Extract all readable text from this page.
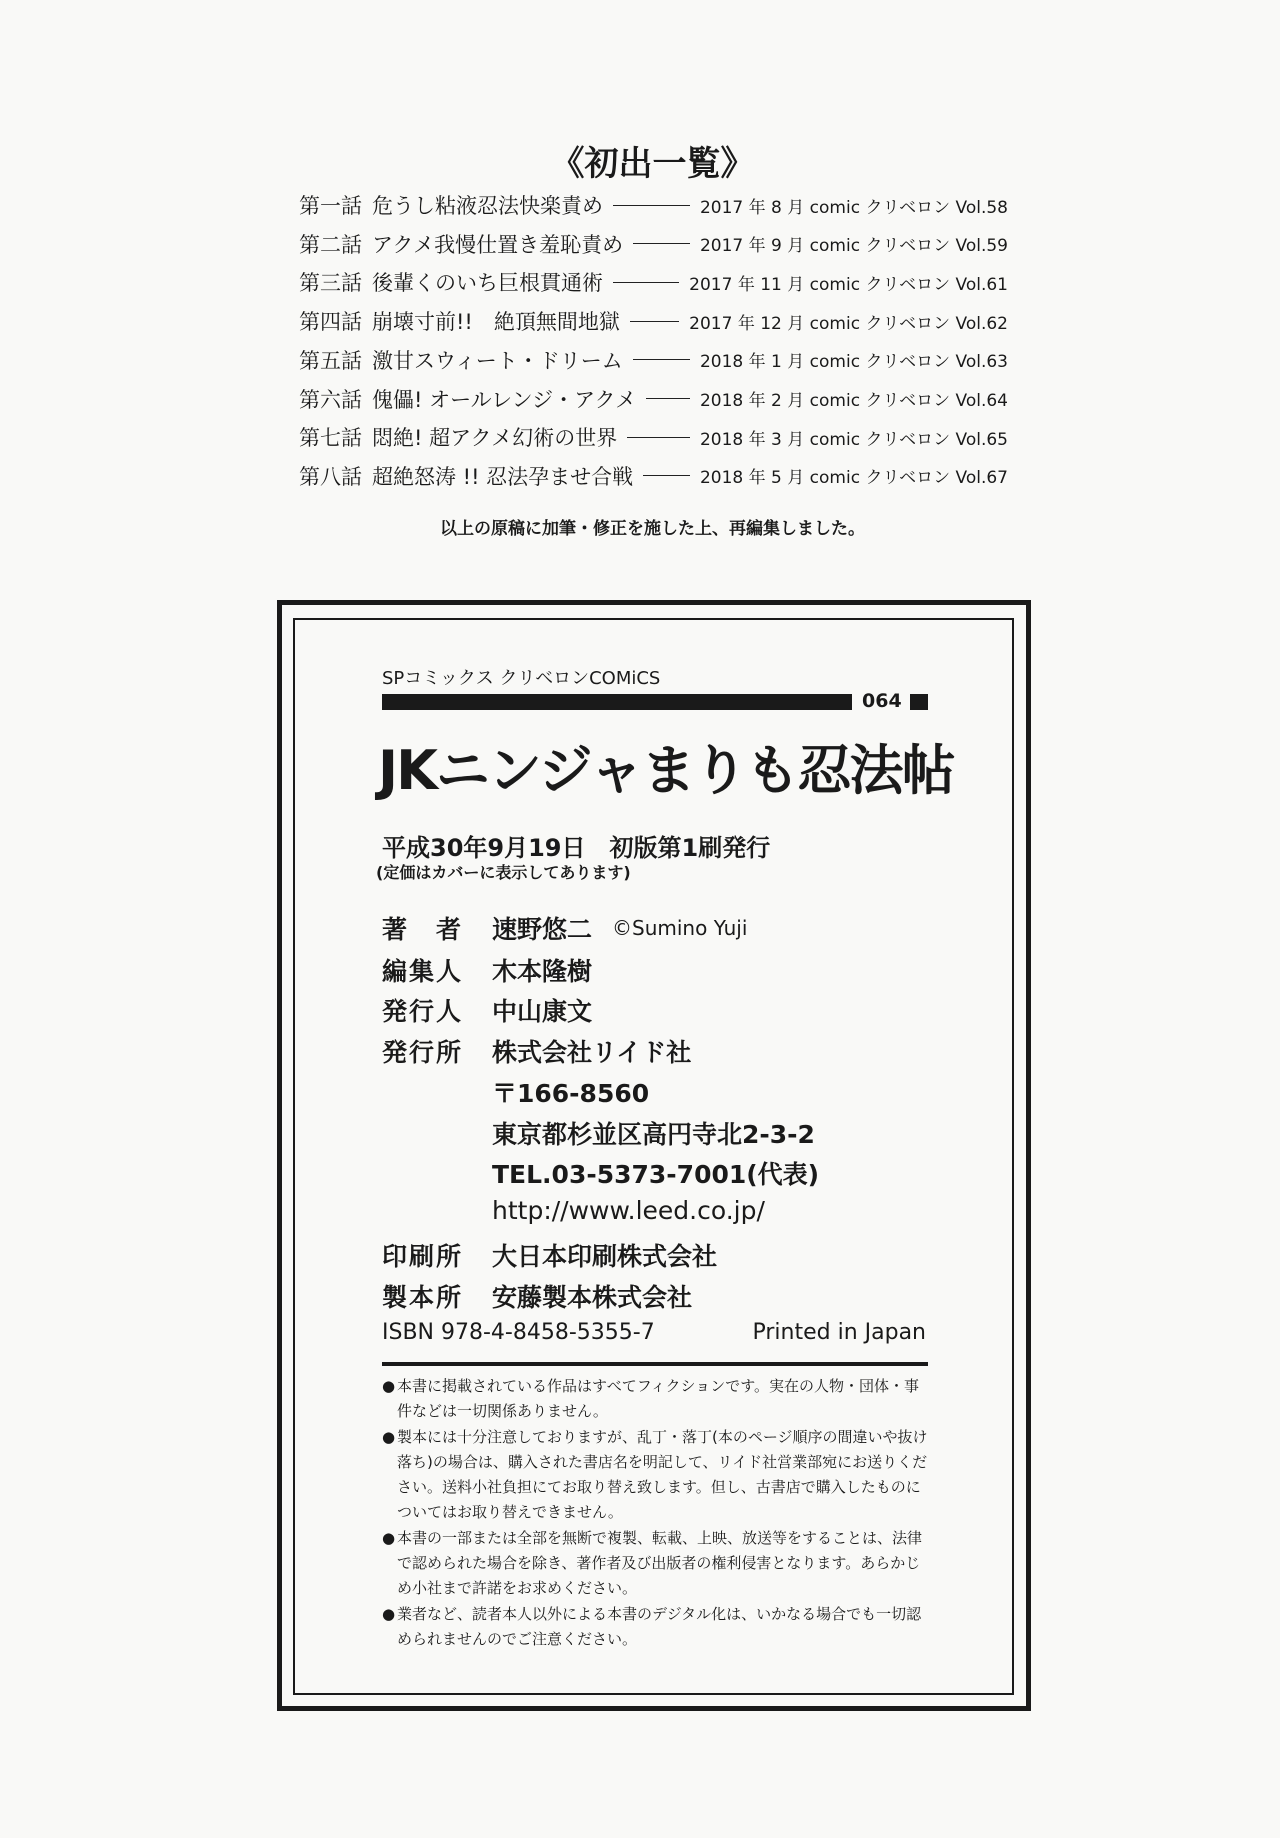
《初出一覧》
第一話 危うし粘液忍法快楽責め	2017 年 8 月 comic クリベロン Vol.58
第二話 アクメ我慢仕置き羞恥責め	2017 年 9 月 comic クリベロン Vol.59
第三話 後輩くのいち巨根貫通術	2017 年 11 月 comic クリベロン Vol.61
第四話 崩壊寸前!!　絶頂無間地獄	2017 年 12 月 comic クリベロン Vol.62
第五話 激甘スウィート・ドリーム	2018 年 1 月 comic クリベロン Vol.63
第六話 傀儡! オールレンジ・アクメ	2018 年 2 月 comic クリベロン Vol.64
第七話 悶絶! 超アクメ幻術の世界	2018 年 3 月 comic クリベロン Vol.65
第八話 超絶怒涛 !! 忍法孕ませ合戦	2018 年 5 月 comic クリベロン Vol.67
以上の原稿に加筆・修正を施した上、再編集しました。
SPコミックス クリベロンCOMiCS
064
JKニンジャまりも忍法帖
平成30年9月19日　初版第1刷発行
(定価はカバーに表示してあります)
著　者	速野悠二 ©Sumino Yuji
編集人	木本隆樹
発行人	中山康文
発行所	株式会社リイド社
〒166-8560
東京都杉並区高円寺北2-3-2
TEL.03-5373-7001(代表)
http://www.leed.co.jp/
印刷所	大日本印刷株式会社
製本所	安藤製本株式会社
ISBN 978-4-8458-5355-7	Printed in Japan
● 本書に掲載されている作品はすべてフィクションです。実在の人物・団体・事件などは一切関係ありません。
● 製本には十分注意しておりますが、乱丁・落丁(本のページ順序の間違いや抜け落ち)の場合は、購入された書店名を明記して、リイド社営業部宛にお送りください。送料小社負担にてお取り替え致します。但し、古書店で購入したものについてはお取り替えできません。
● 本書の一部または全部を無断で複製、転載、上映、放送等をすることは、法律で認められた場合を除き、著作者及び出版者の権利侵害となります。あらかじめ小社まで許諾をお求めください。
● 業者など、読者本人以外による本書のデジタル化は、いかなる場合でも一切認められませんのでご注意ください。
